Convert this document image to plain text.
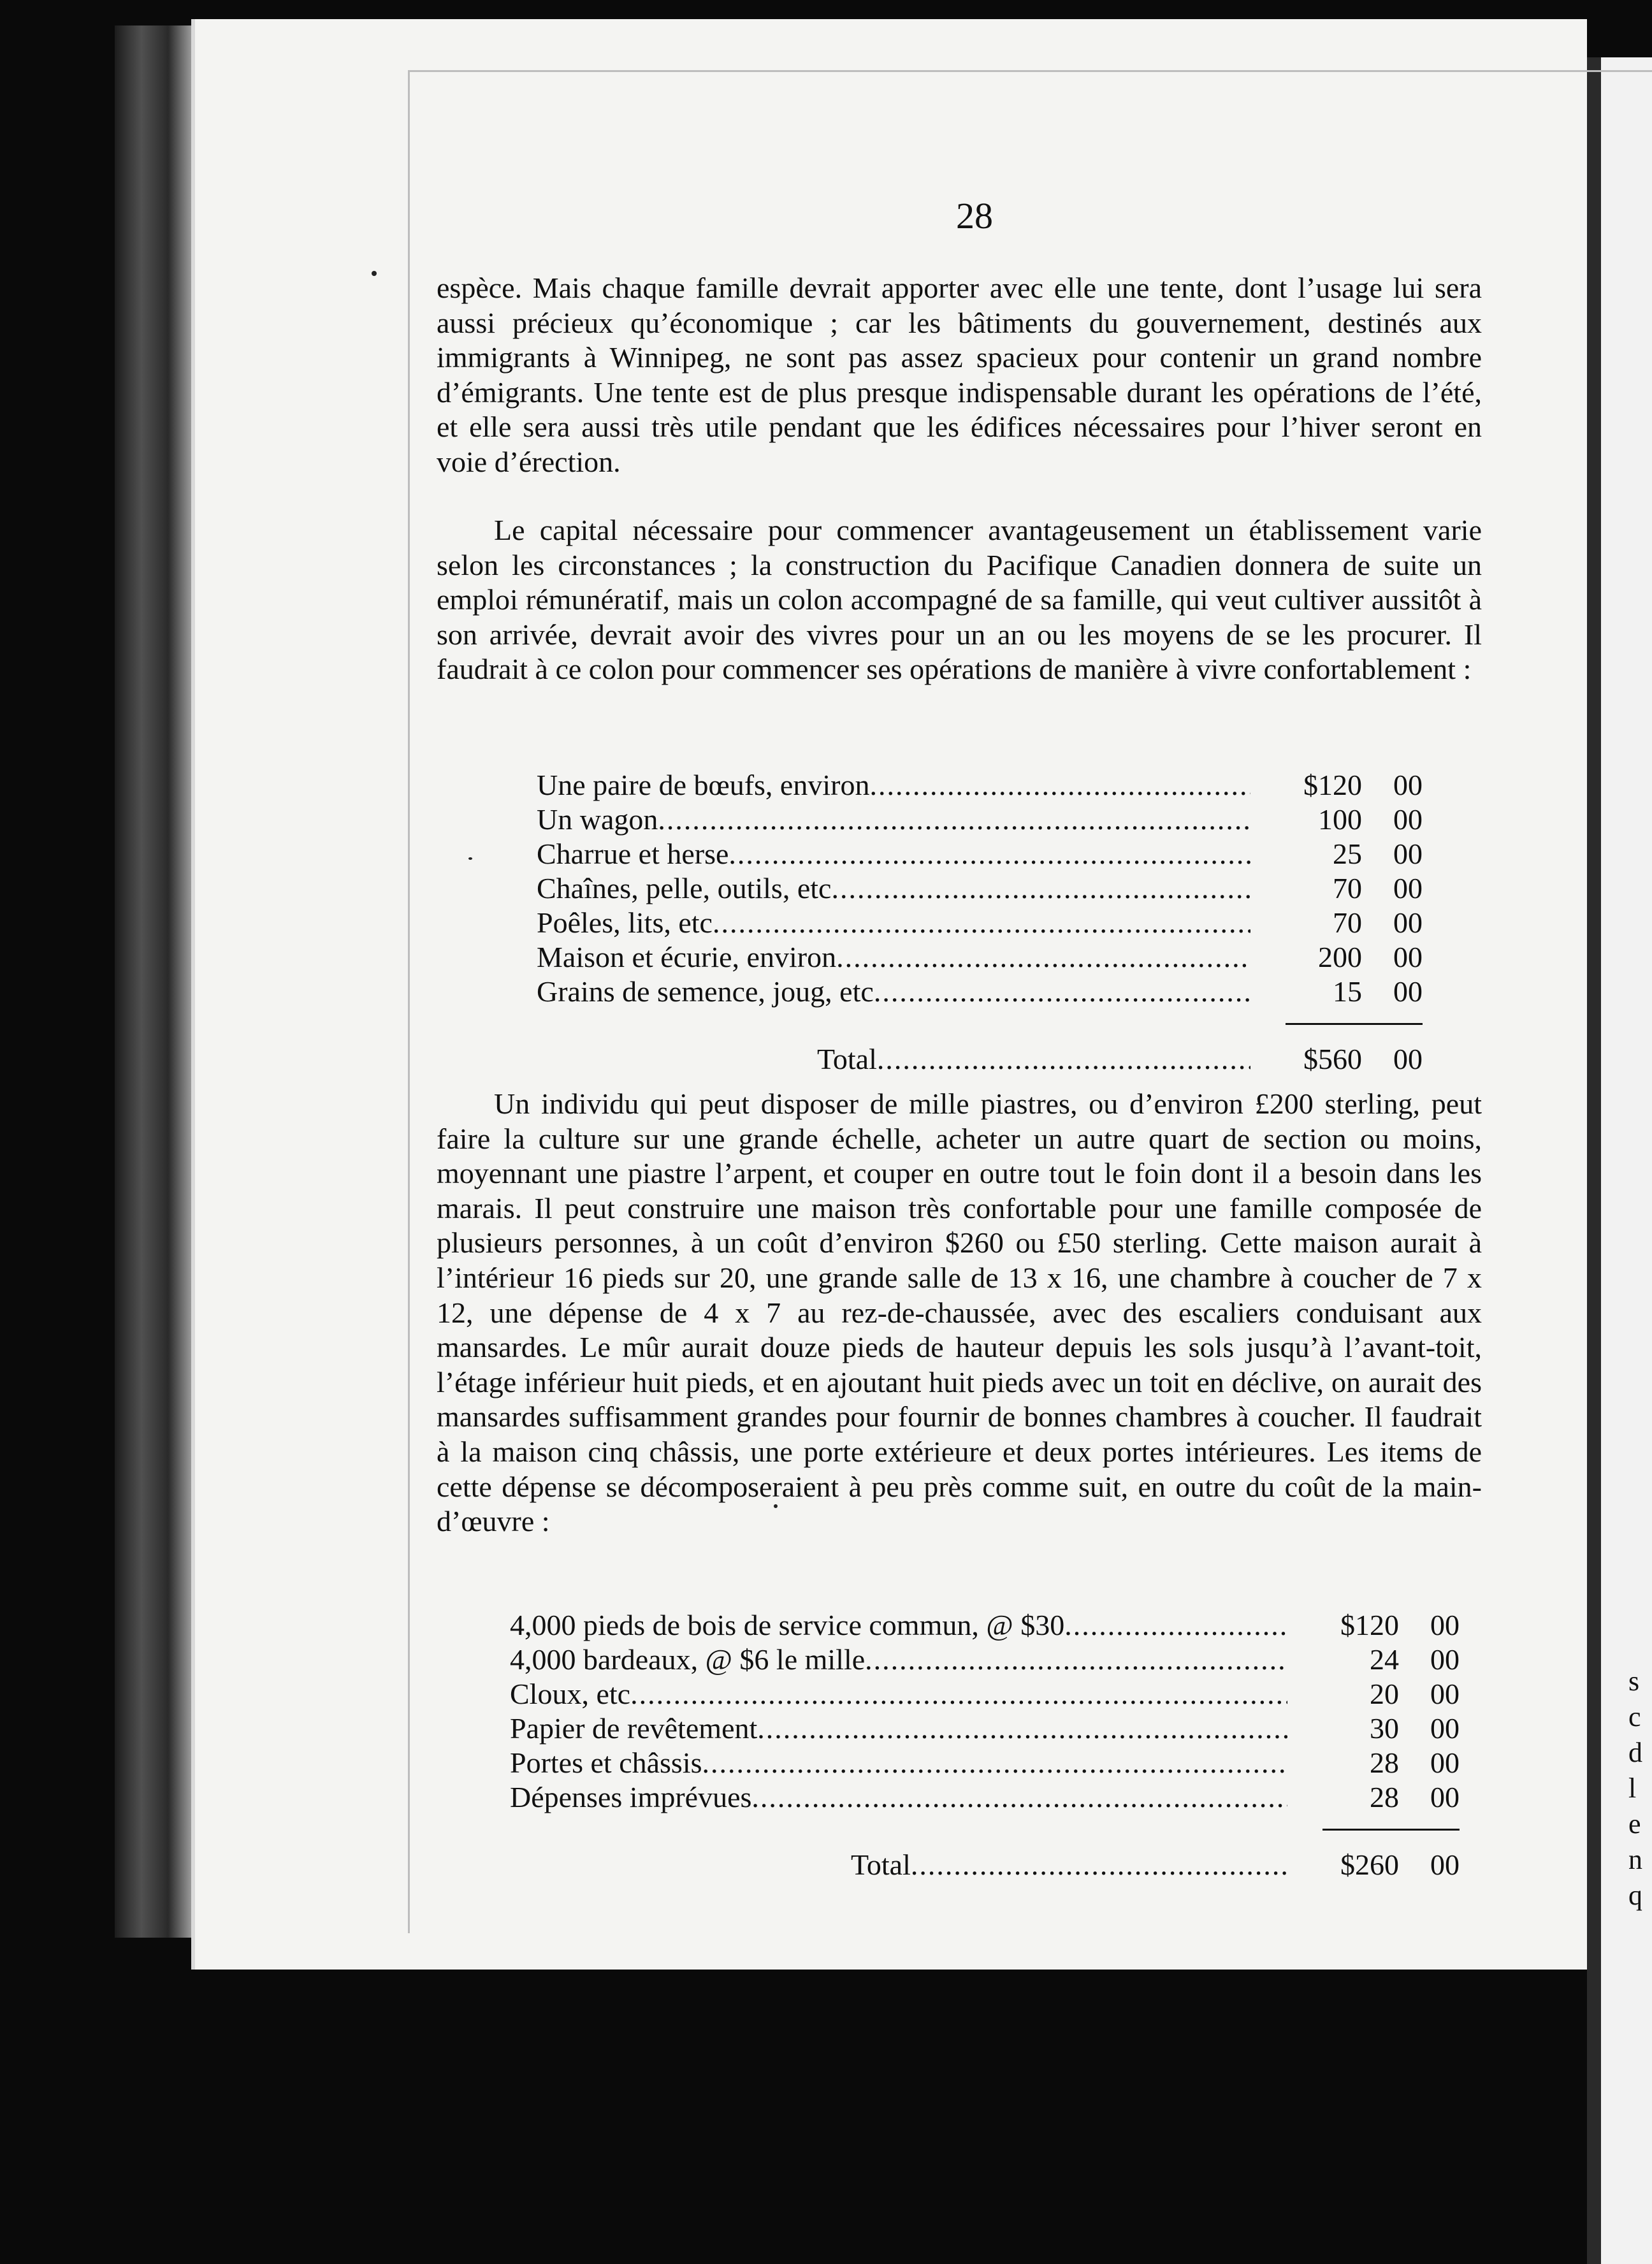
s
c
d
l
e
n
q
28

espèce. Mais chaque famille devrait apporter avec elle une tente, dont l’usage lui sera aussi précieux qu’économique ; car les bâtiments du gouvernement, destinés aux immigrants à Winnipeg, ne sont pas assez spacieux pour contenir un grand nombre d’émigrants. Une tente est de plus presque indispensable durant les opérations de l’été, et elle sera aussi très utile pendant que les édifices nécessaires pour l’hiver seront en voie d’érection.

Le capital nécessaire pour commencer avantageusement un établissement varie selon les circonstances ; la construction du Pacifique Canadien donnera de suite un emploi rémunératif, mais un colon accompagné de sa famille, qui veut cultiver aussitôt à son arrivée, devrait avoir des vivres pour un an ou les moyens de se les procurer. Il faudrait à ce colon pour commencer ses opérations de manière à vivre confortablement :

Une paire de bœufs, environ .....	$120	00
Un wagon .....	100	00
Charrue et herse .....	25	00
Chaînes, pelle, outils, etc .....	70	00
Poêles, lits, etc .....	70	00
Maison et écurie, environ .....	200	00
Grains de semence, joug, etc .....	15	00
Total .....	$560	00

Un individu qui peut disposer de mille piastres, ou d’environ £200 sterling, peut faire la culture sur une grande échelle, acheter un autre quart de section ou moins, moyennant une piastre l’arpent, et couper en outre tout le foin dont il a besoin dans les marais. Il peut construire une maison très confortable pour une famille composée de plusieurs personnes, à un coût d’environ $260 ou £50 sterling. Cette maison aurait à l’intérieur 16 pieds sur 20, une grande salle de 13 x 16, une chambre à coucher de 7 x 12, une dépense de 4 x 7 au rez-de-chaussée, avec des escaliers conduisant aux mansardes. Le mûr aurait douze pieds de hauteur depuis les sols jusqu’à l’avant-toit, l’étage inférieur huit pieds, et en ajoutant huit pieds avec un toit en déclive, on aurait des mansardes suffisamment grandes pour fournir de bonnes chambres à coucher. Il faudrait à la maison cinq châssis, une porte extérieure et deux portes intérieures. Les items de cette dépense se décomposeraient à peu près comme suit, en outre du coût de la main-d’œuvre :

4,000 pieds de bois de service commun, @ $30 .....	$120	00
4,000 bardeaux, @ $6 le mille .....	24	00
Cloux, etc .....	20	00
Papier de revêtement .....	30	00
Portes et châssis .....	28	00
Dépenses imprévues .....	28	00
Total .....	$260	00
